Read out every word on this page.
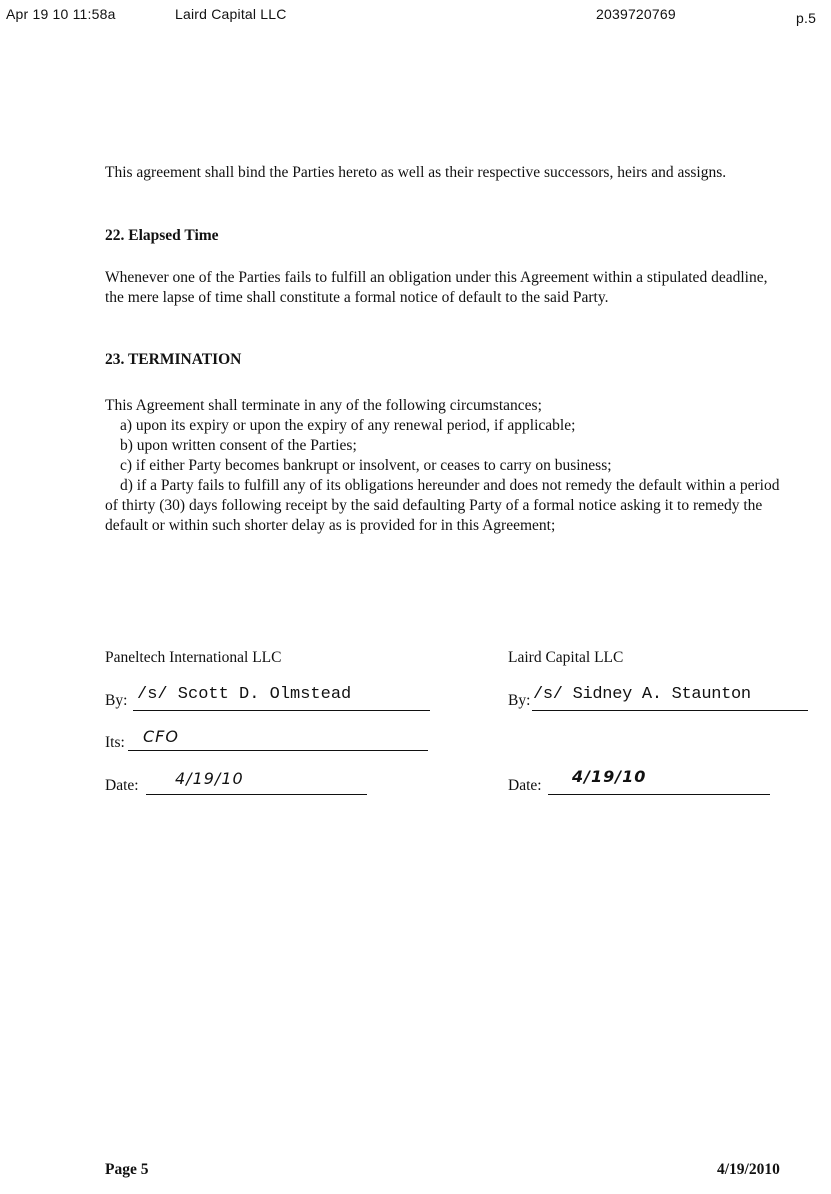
Apr 19 10 11:58a	Laird Capital LLC	2039720769	p.5
This agreement shall bind the Parties hereto as well as their respective successors, heirs and assigns.
22. Elapsed Time
Whenever one of the Parties fails to fulfill an obligation under this Agreement within a stipulated deadline, the mere lapse of time shall constitute a formal notice of default to the said Party.
23. TERMINATION
This Agreement shall terminate in any of the following circumstances;
a) upon its expiry or upon the expiry of any renewal period, if applicable;
b) upon written consent of the Parties;
c) if either Party becomes bankrupt or insolvent, or ceases to carry on business;
d) if a Party fails to fulfill any of its obligations hereunder and does not remedy the default within a period of thirty (30) days following receipt by the said defaulting Party of a formal notice asking it to remedy the default or within such shorter delay as is provided for in this Agreement;
Paneltech International LLC
By: /s/ Scott D. Olmstead
Its: CFO
Date: 4/19/10
Laird Capital LLC
By: /s/ Sidney A. Staunton
Date: 4/19/10
Page 5	4/19/2010
